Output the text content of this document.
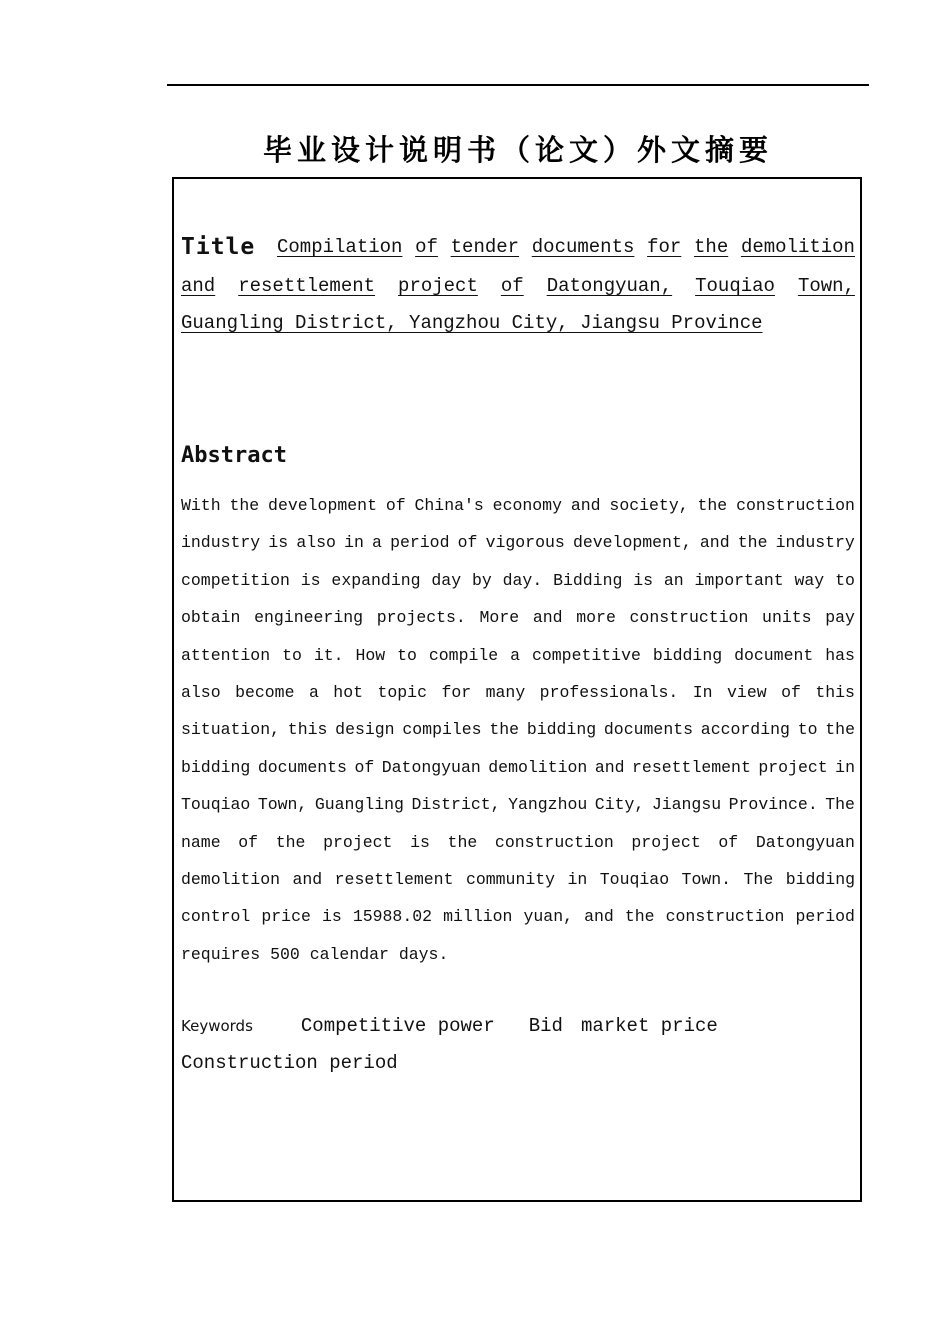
毕业设计说明书（论文）外文摘要
Title Compilation of tender documents for the demolition
and resettlement project of Datongyuan, Touqiao Town,
Guangling District, Yangzhou City, Jiangsu Province
Abstract
With the development of China's economy and society, the construction
industry is also in a period of vigorous development, and the industry
competition is expanding day by day. Bidding is an important way to
obtain engineering projects. More and more construction units pay
attention to it. How to compile a competitive bidding document has
also become a hot topic for many professionals. In view of this
situation, this design compiles the bidding documents according to the
bidding documents of Datongyuan demolition and resettlement project in
Touqiao Town, Guangling District, Yangzhou City, Jiangsu Province. The
name of the project is the construction project of Datongyuan
demolition and resettlement community in Touqiao Town. The bidding
control price is 15988.02 million yuan, and the construction period
requires 500 calendar days.
Keywords	Competitive power Bid market price
Construction period
